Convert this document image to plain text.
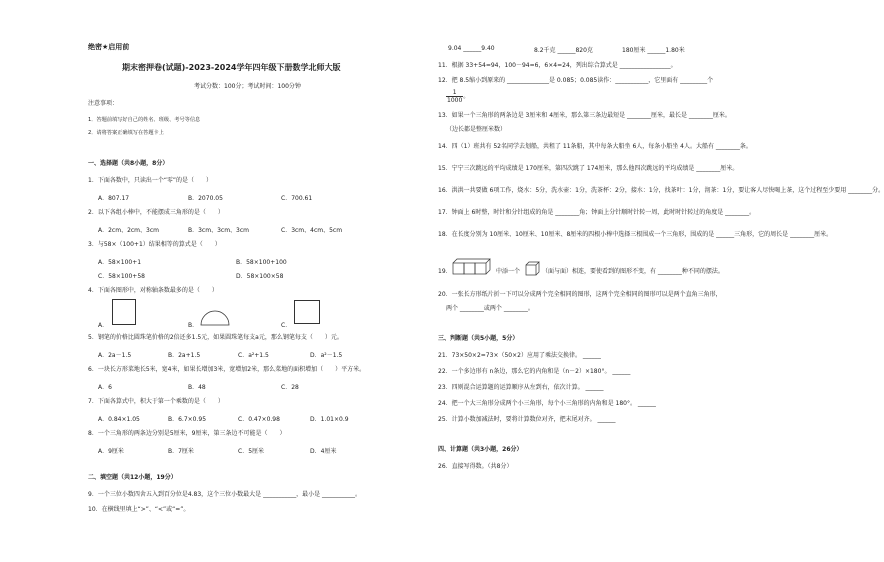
绝密★启用前
期末密押卷(试题)-2023-2024学年四年级下册数学北师大版
考试分数：100分；考试时间：100分钟
注意事项：
1．答题前填写好自己的姓名、班级、考号等信息
2．请将答案正确填写在答题卡上
一、选择题（共8小题，8分）
1．下面各数中，只读出一个“零”的是（　　）
A．807.17	B．2070.05	C．700.61
2．以下各组小棒中，不能摆成三角形的是（　　）
A．2cm、2cm、3cm	B．3cm、3cm、3cm	C．3cm、4cm、5cm
3．与58×（100+1）结果相等的算式是（　　）
A．58×100+1	B．58×100+100
C．58×100+58	D．58×100×58
4．下面各图形中，对称轴条数最多的是（　　）
A．	B．	C．
5．钢笔的价格比圆珠笔价格的2倍还多1.5元，如果圆珠笔每支a元，那么钢笔每支（　　）元。
A．2a－1.5	B．2a+1.5	C．a²+1.5	D．a²－1.5
6．一块长方形菜地长5米，宽4米，如果长增加3米，宽增加2米，那么菜地的面积增加（　　）平方米。
A．6	B．48	C．28
7．下面各算式中，积大于第一个乘数的是（　　）
A．0.84×1.05	B．6.7×0.95	C．0.47×0.98	D．1.01×0.9
8．一个三角形的两条边分别是5厘米，9厘米，第三条边不可能是（　　）
A．9厘米	B．7厘米	C．5厘米	D．4厘米
二、填空题（共12小题，19分）
9．一个三位小数四舍五入到百分位是4.83，这个三位小数最大是 ___________，最小是 ___________。
10．在横线里填上“>”、“<”或“=”。
9.04 ______9.40	8.2千克 ______820克	180厘米 ______1.80米
11．根据 33+54=94，100－94=6，6×4=24，列出综合算式是 _________________。
12．把 8.5缩小到原来的 ______________是 0.085；0.085读作：___________，它里面有 _________个
$\frac{1}{1000}$ 。
13．如果一个三角形的两条边是 3厘米和 4厘米，那么第三条边最短是 ________厘米，最长是 ________厘米。
（边长都是整厘米数）
14．四（1）班共有 52名同学去划船，共租了 11条船，其中每条大船坐 6人，每条小船坐 4人。大船有 ________条。
15．宁宁三次跳远的平均成绩是 170厘米，第四次跳了 174厘米，那么他四次跳远的平均成绩是 ________厘米。
16．洪洪一共要做 6项工作，烧水：5分，洗水壶：1分，洗茶杯：2分，接水：1分，找茶叶：1分，沏茶：1分，要让客人尽快喝上茶，这个过程至少要用 ________分。
17．钟面上 6时整，时针和分针组成的角是 ________角；钟面上分针顺时针转一周，此时时针转过的角度是 ________。
18．在长度分别为 10厘米、10厘米、10厘米、8厘米的四根小棒中选择三根围成一个三角形，围成的是 ______三角形，它的周长是 ________厘米。
19．	中添一个	（面与面）相连，要使看到的图形不变，有 ________种不同的摆法。
20．一张长方形纸片折一下可以分成两个完全相同的图形，这两个完全相同的图形可以是两个直角三角形，
两个 ________或两个 ________。
三、判断题（共5小题，5分）
21．73×50×2=73×（50×2）应用了乘法交换律。 ______
22．一个多边形有 n条边，那么它的内角和是（n－2）×180°。 ______
23．四则混合运算题的运算顺序从左到右，依次计算。 ______
24．把一个大三角形分成两个小三角形，每个小三角形的内角和是 180°。 ______
25．计算小数加减法时，要将计算数位对齐，把末尾对齐。 ______
四、计算题（共3小题，26分）
26．直接写得数。（共8分）
